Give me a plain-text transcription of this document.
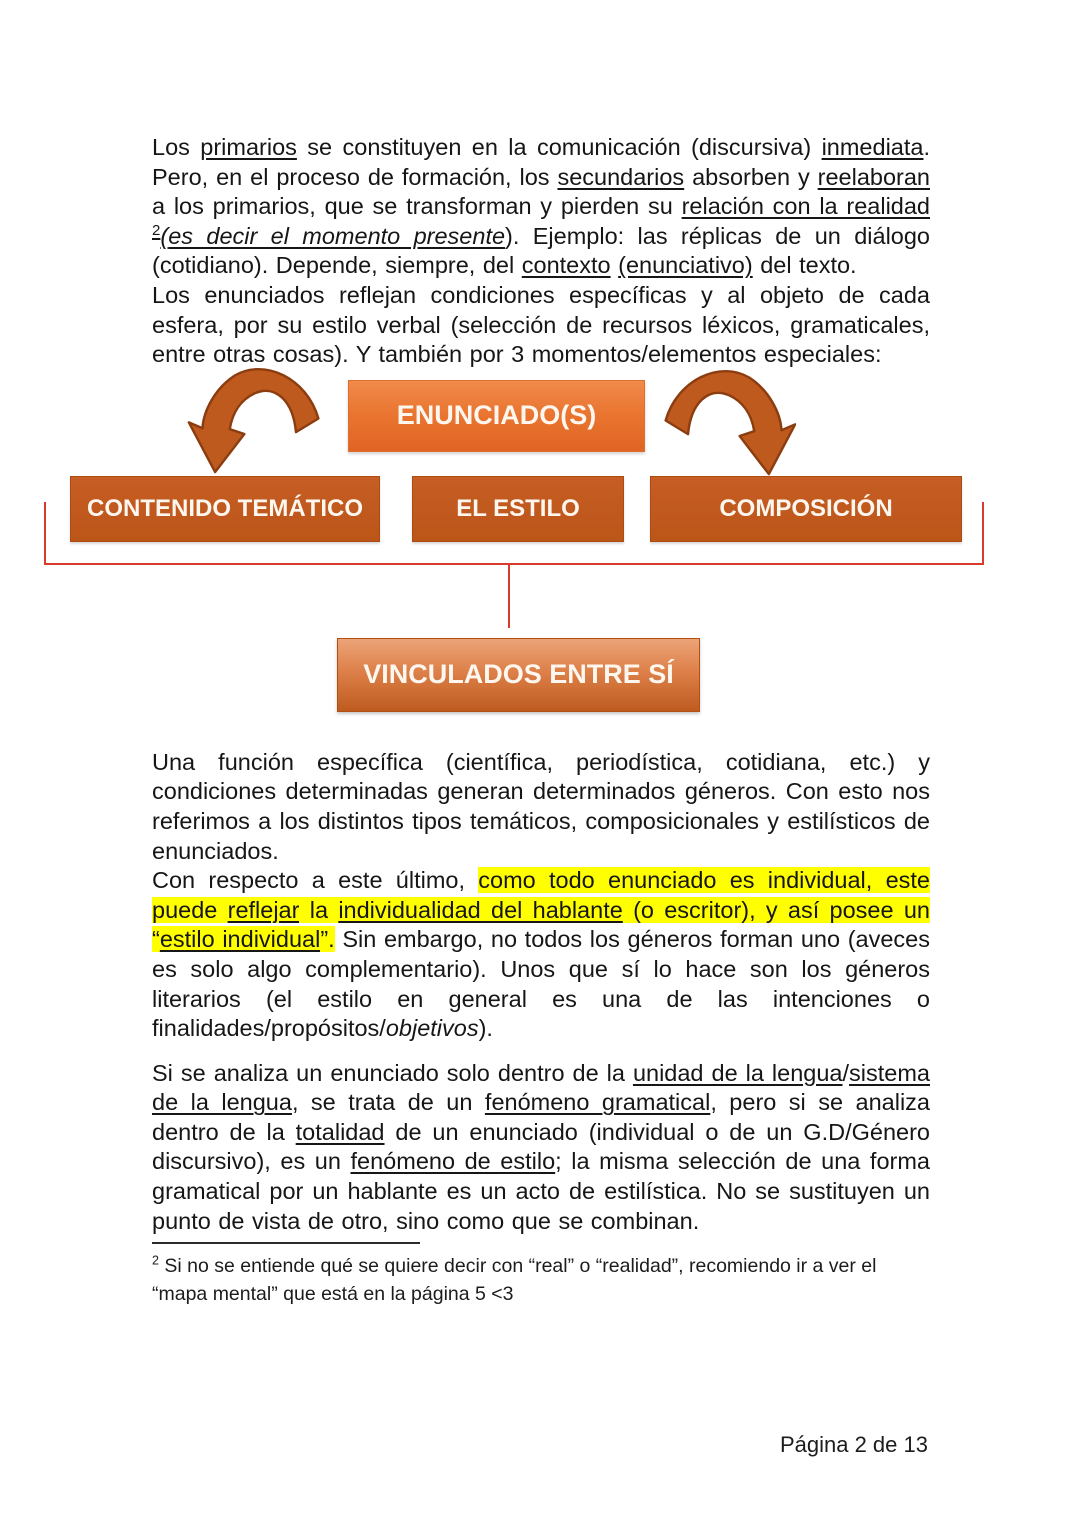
Los primarios se constituyen en la comunicación (discursiva) inmediata. Pero, en el proceso de formación, los secundarios absorben y reelaboran a los primarios, que se transforman y pierden su relación con la realidad $^2$(es decir el momento presente). Ejemplo: las réplicas de un diálogo (cotidiano). Depende, siempre, del contexto (enunciativo) del texto.

Los enunciados reflejan condiciones específicas y al objeto de cada esfera, por su estilo verbal (selección de recursos léxicos, gramaticales, entre otras cosas). Y también por 3 momentos/elementos especiales:

ENUNCIADO(S)
CONTENIDO TEMÁTICO	EL ESTILO	COMPOSICIÓN
VINCULADOS ENTRE SÍ

Una función específica (científica, periodística, cotidiana, etc.) y condiciones determinadas generan determinados géneros. Con esto nos referimos a los distintos tipos temáticos, composicionales y estilísticos de enunciados.

Con respecto a este último, como todo enunciado es individual, este puede reflejar la individualidad del hablante (o escritor), y así posee un “estilo individual”. Sin embargo, no todos los géneros forman uno (aveces es solo algo complementario). Unos que sí lo hace son los géneros literarios (el estilo en general es una de las intenciones o finalidades/propósitos/objetivos).

Si se analiza un enunciado solo dentro de la unidad de la lengua/sistema de la lengua, se trata de un fenómeno gramatical, pero si se analiza dentro de la totalidad de un enunciado (individual o de un G.D/Género discursivo), es un fenómeno de estilo; la misma selección de una forma gramatical por un hablante es un acto de estilística. No se sustituyen un punto de vista de otro, sino como que se combinan.

$^2$ Si no se entiende qué se quiere decir con “real” o “realidad”, recomiendo ir a ver el “mapa mental” que está en la página 5 <3
Página 2 de 13
